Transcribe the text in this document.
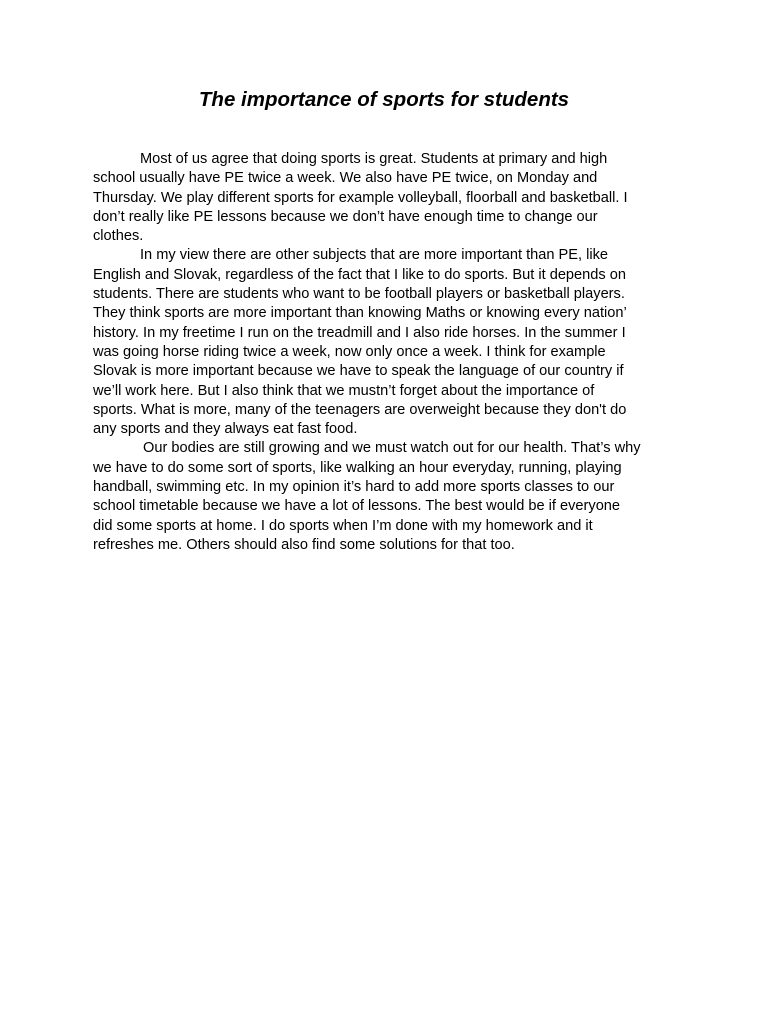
The importance of sports for students
Most of us agree that doing sports is great. Students at primary and high
school usually have PE twice a week. We also have PE twice, on Monday and
Thursday. We play different sports for example volleyball, floorball and basketball. I
don’t really like PE lessons because we don’t have enough time to change our
clothes.
In my view there are other subjects that are more important than PE, like
English and Slovak, regardless of the fact that I like to do sports. But it depends on
students. There are students who want to be football players or basketball players.
They think sports are more important than knowing Maths or knowing every nation’
history. In my freetime I run on the treadmill and I also ride horses. In the summer I
was going horse riding twice a week, now only once a week. I think for example
Slovak is more important because we have to speak the language of our country if
we’ll work here. But I also think that we mustn’t forget about the importance of
sports. What is more, many of the teenagers are overweight because they don't do
any sports and they always eat fast food.
Our bodies are still growing and we must watch out for our health. That’s why
we have to do some sort of sports, like walking an hour everyday, running, playing
handball, swimming etc. In my opinion it’s hard to add more sports classes to our
school timetable because we have a lot of lessons. The best would be if everyone
did some sports at home. I do sports when I’m done with my homework and it
refreshes me. Others should also find some solutions for that too.
